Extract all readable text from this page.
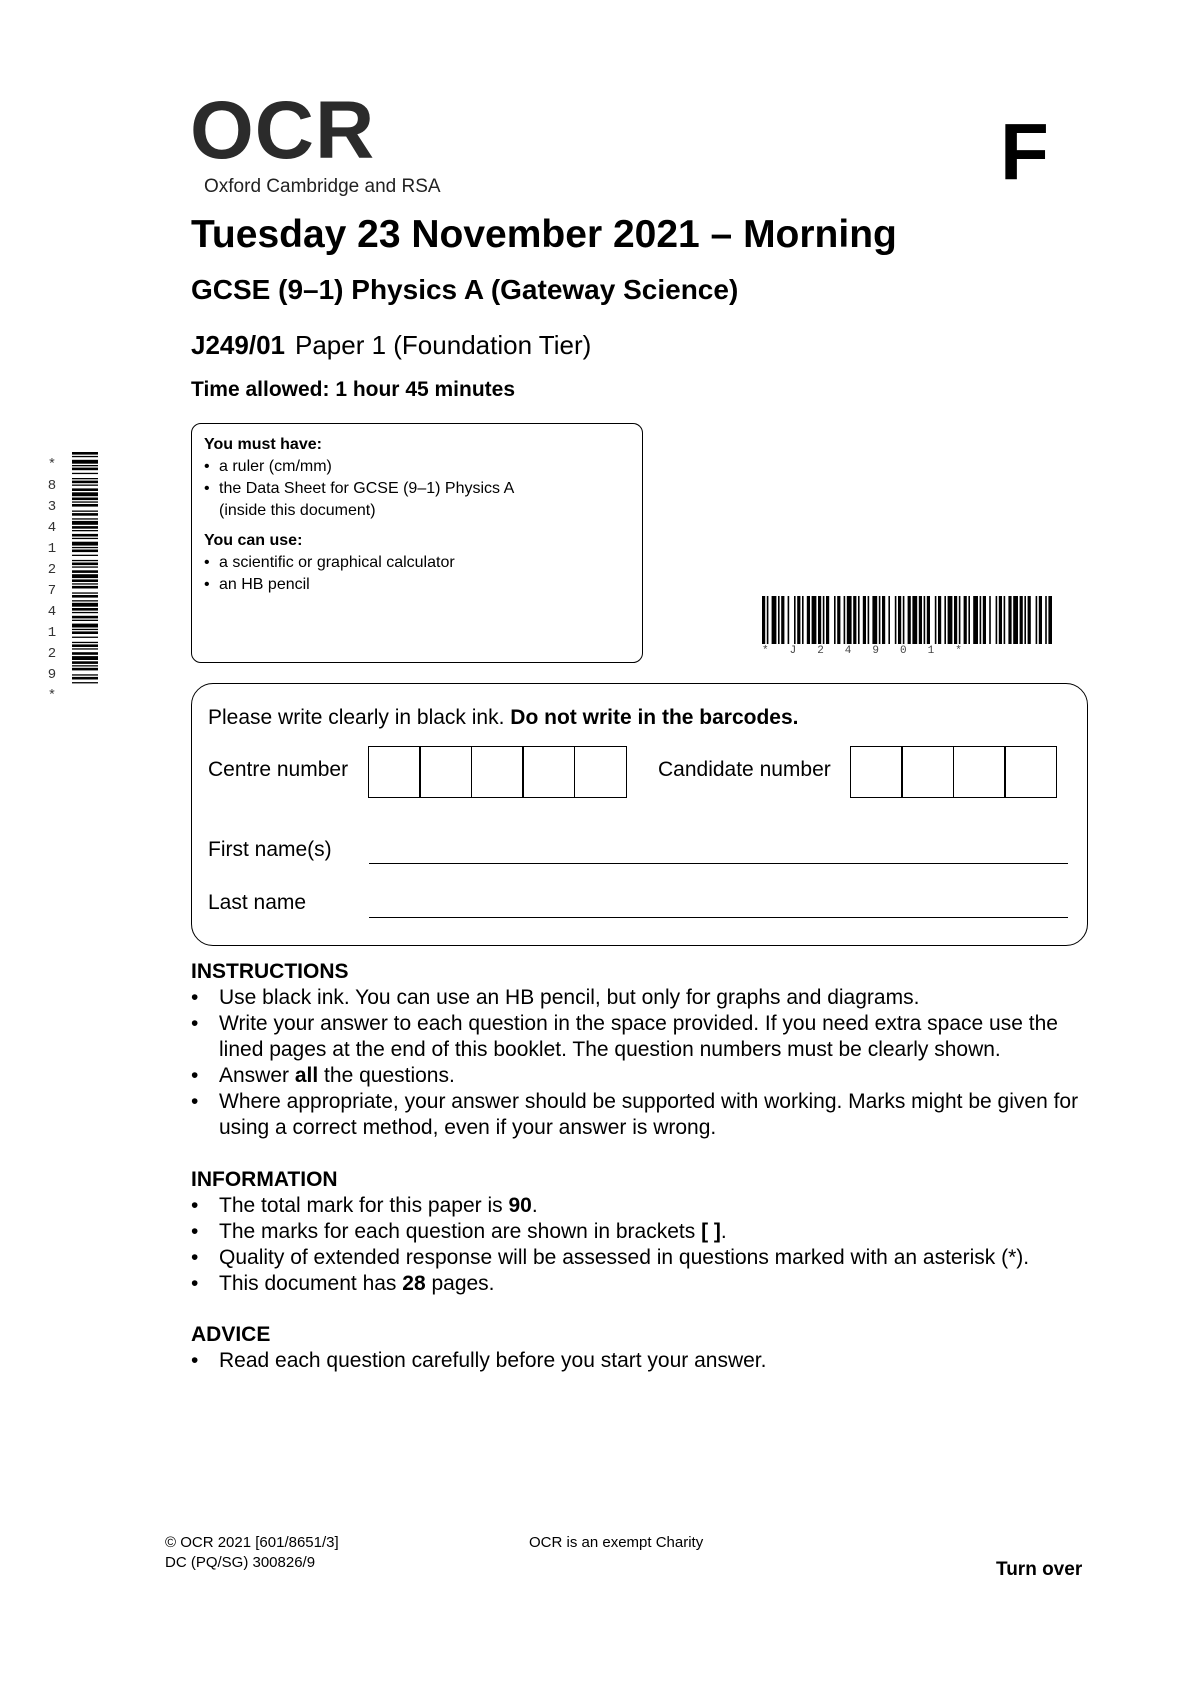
OCR
Oxford Cambridge and RSA	F
Tuesday 23 November 2021 – Morning
GCSE (9–1) Physics A (Gateway Science)
J249/01 Paper 1 (Foundation Tier)
Time allowed: 1 hour 45 minutes
You must have:
• a ruler (cm/mm)
• the Data Sheet for GCSE (9–1) Physics A
(inside this document)
You can use:
• a scientific or graphical calculator
• an HB pencil
*
8
3
4
1
2
7
4
1
2
9
*
*J24901*
Please write clearly in black ink. Do not write in the barcodes.
Centre number	Candidate number
First name(s)
Last name
INSTRUCTIONS
• Use black ink. You can use an HB pencil, but only for graphs and diagrams.
• Write your answer to each question in the space provided. If you need extra space use the lined pages at the end of this booklet. The question numbers must be clearly shown.
• Answer all the questions.
• Where appropriate, your answer should be supported with working. Marks might be given for using a correct method, even if your answer is wrong.
INFORMATION
• The total mark for this paper is 90.
• The marks for each question are shown in brackets [ ].
• Quality of extended response will be assessed in questions marked with an asterisk (*).
• This document has 28 pages.
ADVICE
• Read each question carefully before you start your answer.
© OCR 2021 [601/8651/3]
DC (PQ/SG) 300826/9
OCR is an exempt Charity
Turn over
